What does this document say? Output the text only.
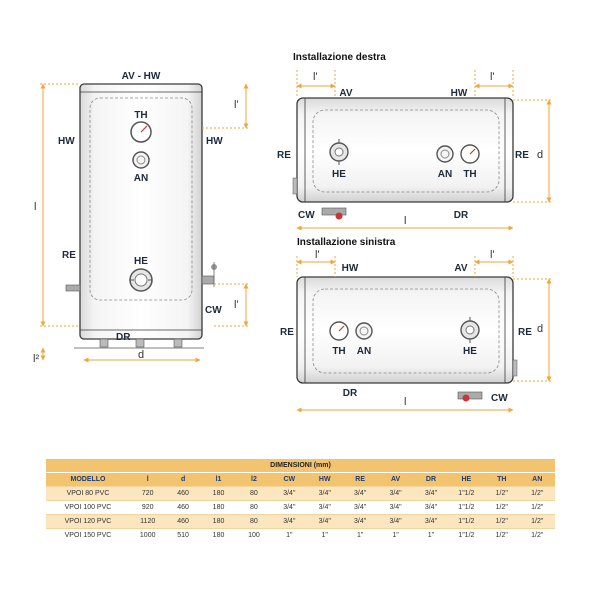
AV - HW
HW	HW
TH
AN
HE
RE
CW
DR
l
l'
l'
l²	d
Installazione destra
AV	HW
RE	RE
HE	AN TH
CW	DR
l'	l'
l
d
Installazione sinistra
HW	AV
RE	RE
TH AN	HE
DR	CW
l'	l'
l
d
DIMENSIONI (mm)												
MODELLO	l	d	l1	l2	CW	HW	RE	AV	DR	HE	TH	AN
VPOI 80 PVC	720	460	180	80	3/4"	3/4"	3/4"	3/4"	3/4"	1"1/2	1/2"	1/2"
VPOI 100 PVC	920	460	180	80	3/4"	3/4"	3/4"	3/4"	3/4"	1"1/2	1/2"	1/2"
VPOI 120 PVC	1120	460	180	80	3/4"	3/4"	3/4"	3/4"	3/4"	1"1/2	1/2"	1/2"
VPOI 150 PVC	1000	510	180	100	1"	1"	1"	1"	1"	1"1/2	1/2"	1/2"
